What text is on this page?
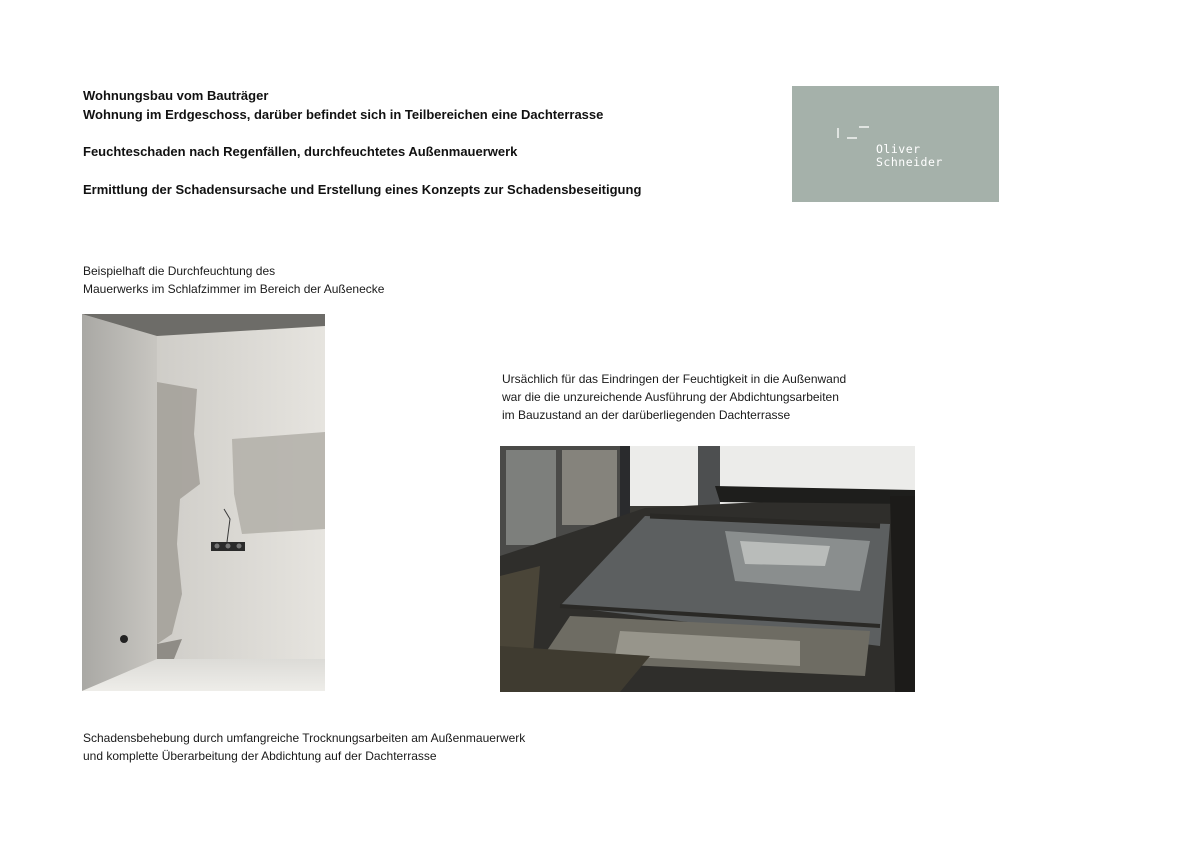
Wohnungsbau vom Bauträger
Wohnung im Erdgeschoss, darüber befindet sich in Teilbereichen eine Dachterrasse
Feuchteschaden nach Regenfällen, durchfeuchtetes Außenmauerwerk
Ermittlung der Schadensursache und Erstellung eines Konzepts zur Schadensbeseitigung
Oliver
Schneider
Beispielhaft die Durchfeuchtung des
Mauerwerks im Schlafzimmer im Bereich der Außenecke
Ursächlich für das Eindringen der Feuchtigkeit in die Außenwand
war die die unzureichende Ausführung der Abdichtungsarbeiten
im Bauzustand an der darüberliegenden Dachterrasse
Schadensbehebung durch umfangreiche Trocknungsarbeiten am Außenmauerwerk
und komplette Überarbeitung der Abdichtung auf der Dachterrasse
